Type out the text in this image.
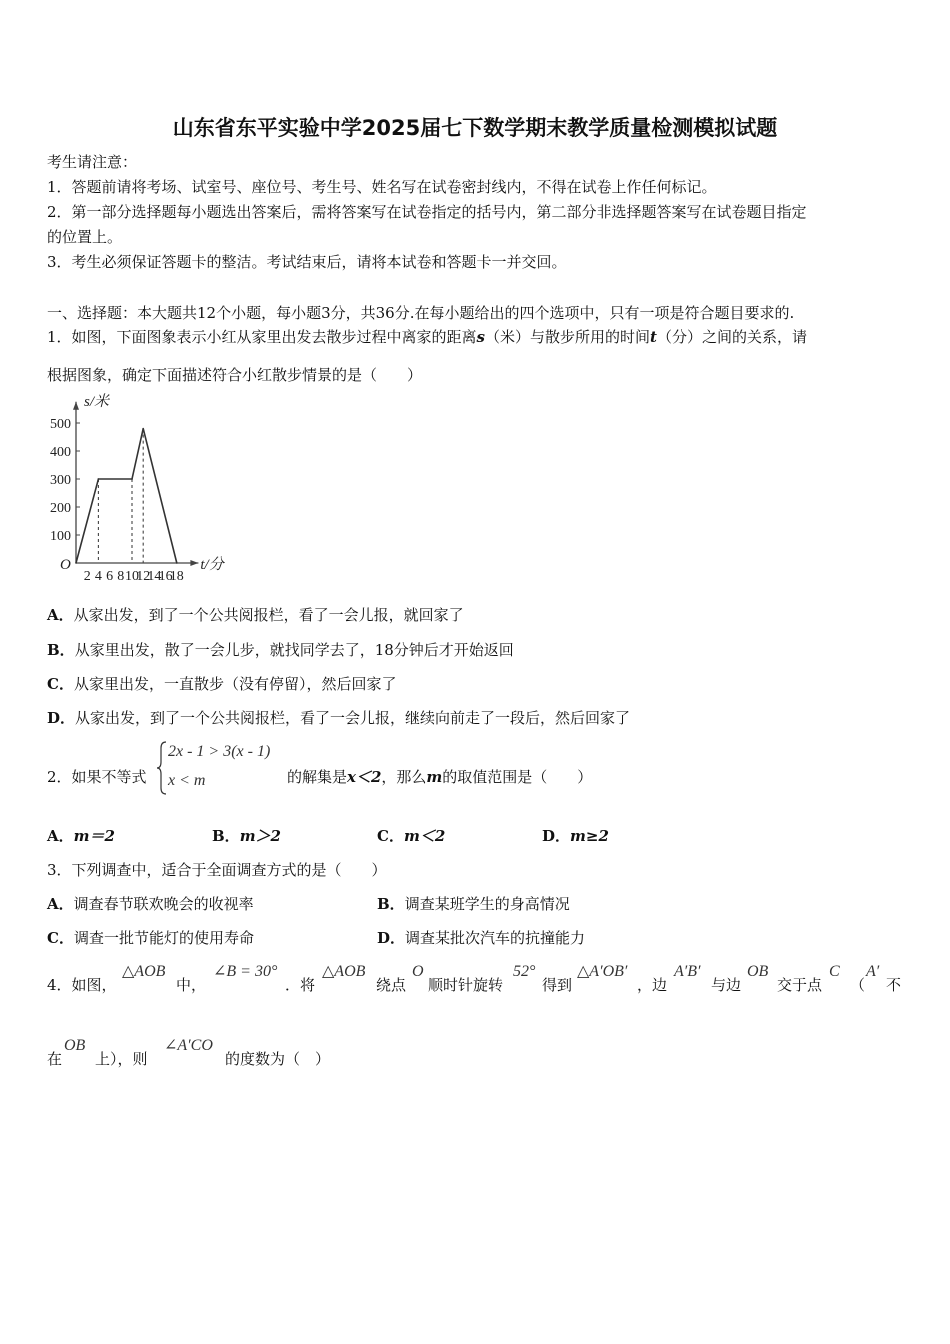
山东省东平实验中学2025届七下数学期末教学质量检测模拟试题
考生请注意：
1．答题前请将考场、试室号、座位号、考生号、姓名写在试卷密封线内，不得在试卷上作任何标记。
2．第一部分选择题每小题选出答案后，需将答案写在试卷指定的括号内，第二部分非选择题答案写在试卷题目指定
的位置上。
3．考生必须保证答题卡的整洁。考试结束后，请将本试卷和答题卡一并交回。
一、选择题：本大题共12个小题，每小题3分，共36分.在每小题给出的四个选项中，只有一项是符合题目要求的.
1．如图，下面图象表示小红从家里出发去散步过程中离家的距离s（米）与散步所用的时间t（分）之间的关系，请
根据图象，确定下面描述符合小红散步情景的是（　　）
100
200
300
400
500
2 4 6 8 10
12
14
16
18
O
s/米
t/分
A．从家出发，到了一个公共阅报栏，看了一会儿报，就回家了
B．从家里出发，散了一会儿步，就找同学去了，18分钟后才开始返回
C．从家里出发，一直散步（没有停留），然后回家了
D．从家出发，到了一个公共阅报栏，看了一会儿报，继续向前走了一段后，然后回家了
2．如果不等式
2x - 1 > 3(x - 1)
x < m	的解集是x＜2，那么m的取值范围是（　　）
A．m＝2	B．m＞2	C．m＜2	D．m≥2
3．下列调查中，适合于全面调查方式的是（　　）
A．调查春节联欢晚会的收视率	B．调查某班学生的身高情况
C．调查一批节能灯的使用寿命	D．调查某批次汽车的抗撞能力
4．如图，
△AOB
中，
∠B = 30°
．将
△AOB
绕点
O
顺时针旋转
52°
得到
△A′OB′
，边
A′B′
与边
OB
交于点
C
（
A′
不
在
OB
上），则
∠A′CO
的度数为（　）
